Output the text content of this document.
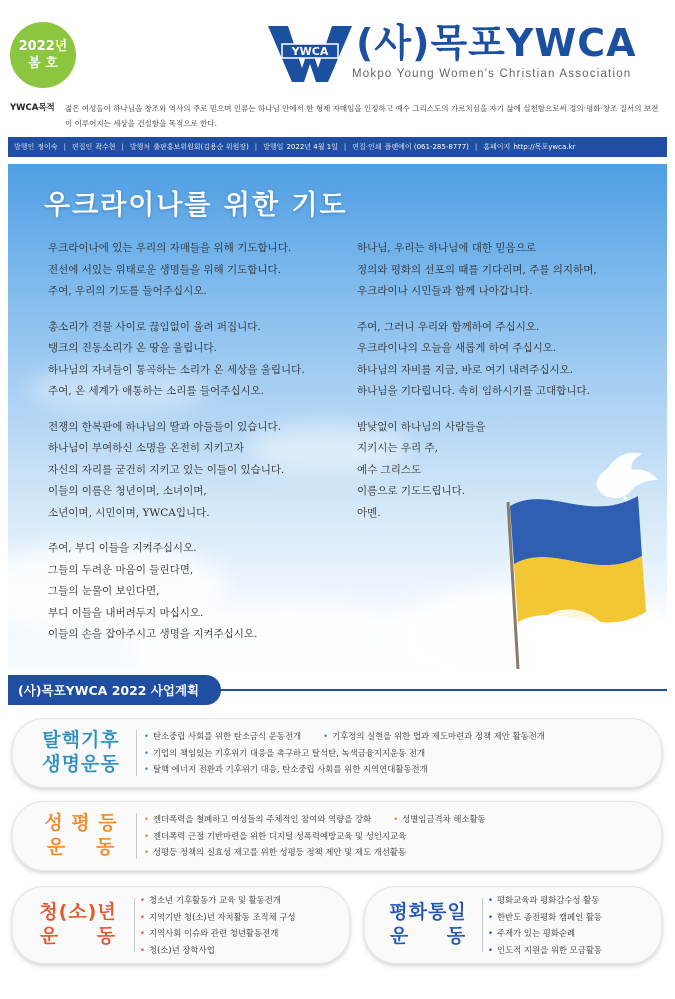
2022년
봄 호
YWCA (사)목포YWCA
Mokpo Young Women's Christian Association
YWCA목적 젊은 여성들이 하나님을 창조와 역사의 주로 믿으며 인류는 하나님 안에서 한 형제 자매임을 인정하고 예수 그리스도의 가르치심을 자기 삶에 실천함으로써 정의·평화·창조 질서의 보전이 이루어지는 세상을 건설함을 목적으로 한다.
발행인 정이숙 | 편집인 곽수현 | 발행처 출판홍보위원회(김용순 위원장) | 발행일 2022년 4월 1일 | 편집·인쇄 플랜에이 (061-285-8777) | 홈페이지 http://목포ywca.kr
우크라이나를 위한 기도
우크라이나에 있는 우리의 자매들을 위해 기도합니다.
전선에 서있는 위태로운 생명들을 위해 기도합니다.
주여, 우리의 기도를 들어주십시오.
총소리가 건물 사이로 끊임없이 울려 퍼집니다.
탱크의 진동소리가 온 땅을 울립니다.
하나님의 자녀들이 통곡하는 소리가 온 세상을 울립니다.
주여, 온 세계가 애통하는 소리를 들어주십시오.
전쟁의 한복판에 하나님의 딸과 아들들이 있습니다.
하나님이 부여하신 소명을 온전히 지키고자
자신의 자리를 굳건히 지키고 있는 이들이 있습니다.
이들의 이름은 청년이며, 소녀이며,
소년이며, 시민이며, YWCA입니다.
주여, 부디 이들을 지켜주십시오.
그들의 두려운 마음이 들린다면,
그들의 눈물이 보인다면,
부디 이들을 내버려두지 마십시오.
이들의 손을 잡아주시고 생명을 지켜주십시오.
하나님, 우리는 하나님에 대한 믿음으로
정의와 평화의 선포의 때를 기다리며, 주를 의지하며,
우크라이나 시민들과 함께 나아갑니다.
주여, 그러니 우리와 함께하여 주십시오.
우크라이나의 오늘을 새롭게 하여 주십시오.
하나님의 자비를 지금, 바로 여기 내려주십시오.
하나님을 기다립니다. 속히 임하시기를 고대합니다.
밤낮없이 하나님의 사람들을
지키시는 우리 주,
예수 그리스도
이름으로 기도드립니다.
아멘.
(사)목포YWCA 2022 사업계획
탈핵기후
생명운동
• 탄소중립 사회를 위한 탄소금식 운동전개	• 기후정의 실현을 위한 법과 제도마련과 정책 제안 활동전개
• 기업의 책임있는 기후위기 대응을 촉구하고 탈석탄, 녹색금융지지운동 전개
• 탈핵 에너지 전환과 기후위기 대응, 탄소중립 사회를 위한 지역연대활동전개
성 평 등
운 동
• 젠더폭력을 철폐하고 여성들의 주체적인 참여와 역량을 강화	• 성별임금격차 해소활동
• 젠더폭력 근절 기반마련을 위한 디지털 성폭력예방교육 및 성인지교육
• 성평등 정책의 실효성 제고를 위한 성평등 정책 제안 및 제도 개선활동
청(소)년
운 동
• 청소년 기후활동가 교육 및 활동전개
• 지역기반 청(소)년 자치활동 조직체 구성
• 지역사회 이슈와 관련 청년활동전개
• 청(소)년 장학사업
평화통일
운 동
• 평화교육과 평화감수성 활동
• 한반도 종전평화 캠페인 활동
• 주제가 있는 평화순례
• 인도적 지원을 위한 모금활동
